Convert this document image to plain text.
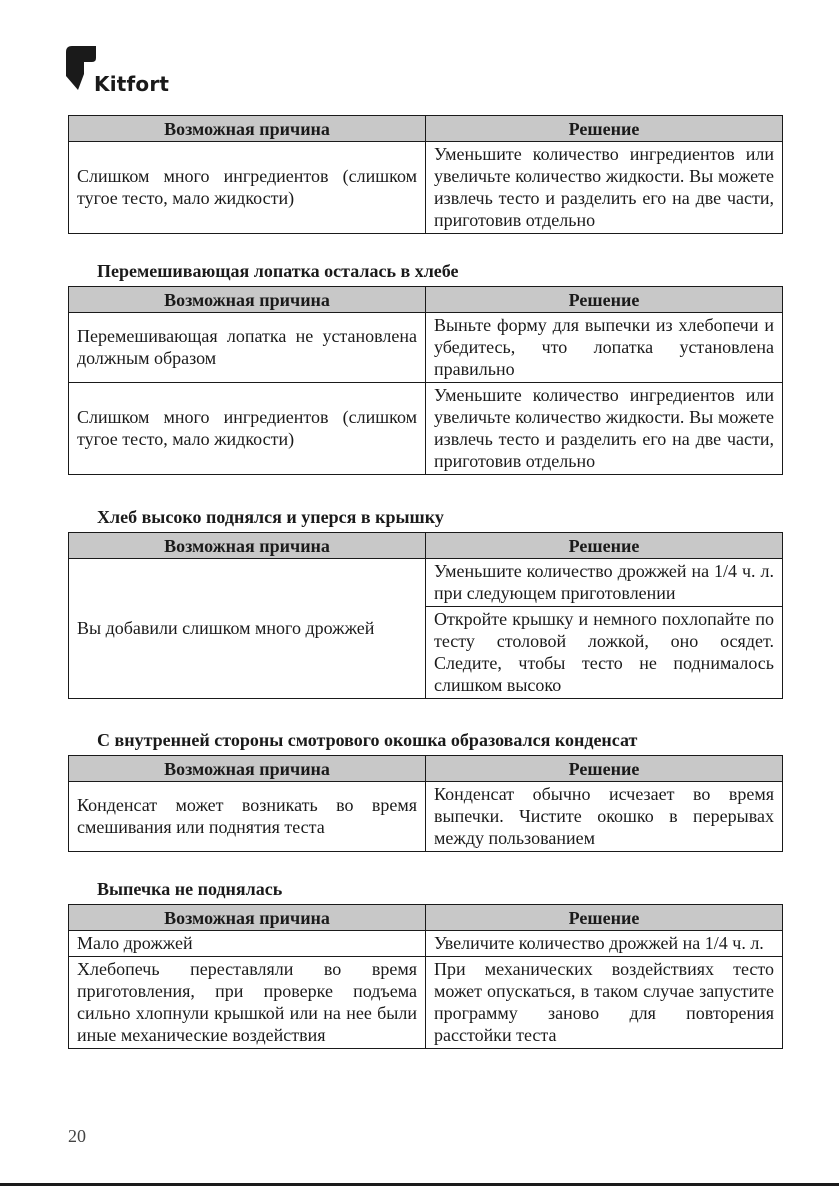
Kitfort
Возможная причина	Решение
Слишком много ингредиентов (слишком тугое тесто, мало жидкости)	Уменьшите количество ингредиентов или увеличьте количество жидкости. Вы можете извлечь тесто и разделить его на две части, приготовив отдельно
Перемешивающая лопатка осталась в хлебе
Возможная причина	Решение
Перемешивающая лопатка не установлена должным образом	Выньте форму для выпечки из хлебопечи и убедитесь, что лопатка установлена правильно
Слишком много ингредиентов (слишком тугое тесто, мало жидкости)	Уменьшите количество ингредиентов или увеличьте количество жидкости. Вы можете извлечь тесто и разделить его на две части, приготовив отдельно
Хлеб высоко поднялся и уперся в крышку
Возможная причина	Решение
Вы добавили слишком много дрожжей	Уменьшите количество дрожжей на 1/4 ч. л. при следующем приготовлении
	Откройте крышку и немного похлопайте по тесту столовой ложкой, оно осядет. Следите, чтобы тесто не поднималось слишком высоко
С внутренней стороны смотрового окошка образовался конденсат
Возможная причина	Решение
Конденсат может возникать во время смешивания или поднятия теста	Конденсат обычно исчезает во время выпечки. Чистите окошко в перерывах между пользованием
Выпечка не поднялась
Возможная причина	Решение
Мало дрожжей	Увеличите количество дрожжей на 1/4 ч. л.
Хлебопечь переставляли во время приготовления, при проверке подъема сильно хлопнули крышкой или на нее были иные механические воздействия	При механических воздействиях тесто может опускаться, в таком случае запустите программу заново для повторения расстойки теста
20
